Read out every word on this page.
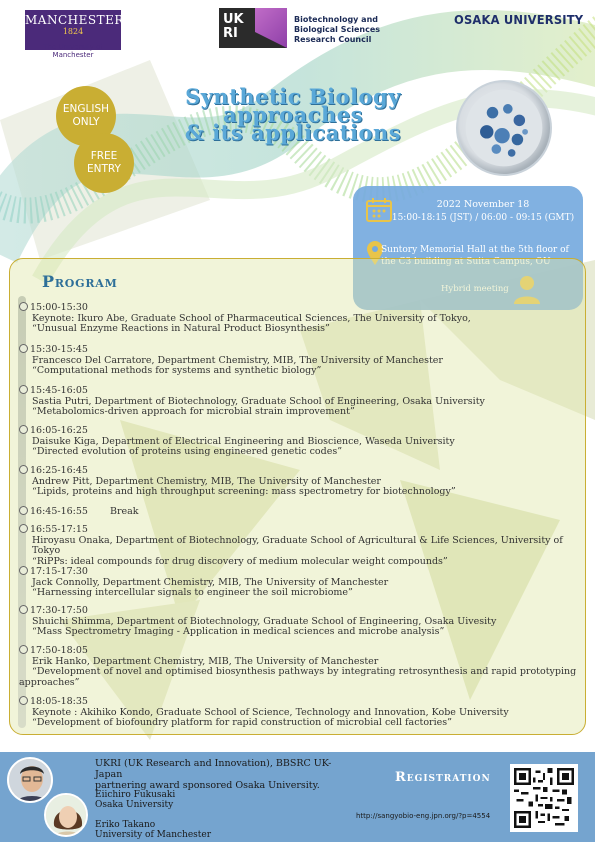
MANCHESTER
1824
The University of Manchester
UK RI
Biotechnology and Biological Sciences Research Council
OSAKA UNIVERSITY
ENGLISH
ONLY
FREE
ENTRY
Synthetic Biology
approaches
& its applications
2022 November 18
15:00-18:15 (JST) / 06:00 - 09:15 (GMT)
Suntory Memorial Hall at the 5th floor of
the C3 building at Suita Campus, OU
Hybrid meeting
Program
15:00-15:30
Keynote: Ikuro Abe, Graduate School of Pharmaceutical Sciences, The University of Tokyo,
“Unusual Enzyme Reactions in Natural Product Biosynthesis”
15:30-15:45
Francesco Del Carratore, Department Chemistry, MIB, The University of Manchester
“Computational methods for systems and synthetic biology”
15:45-16:05
Sastia Putri, Department of Biotechnology, Graduate School of Engineering, Osaka University
“Metabolomics-driven approach for microbial strain improvement”
16:05-16:25
Daisuke Kiga, Department of Electrical Engineering and Bioscience, Waseda University
“Directed evolution of proteins using engineered genetic codes”
16:25-16:45
Andrew Pitt, Department Chemistry, MIB, The University of Manchester
“Lipids, proteins and high throughput screening: mass spectrometry for biotechnology”
16:45-16:55 Break
16:55-17:15
Hiroyasu Onaka, Department of Biotechnology, Graduate School of Agricultural & Life Sciences, University of Tokyo
“RiPPs: ideal compounds for drug discovery of medium molecular weight compounds”
17:15-17:30
Jack Connolly, Department Chemistry, MIB, The University of Manchester
“Harnessing intercellular signals to engineer the soil microbiome”
17:30-17:50
Shuichi Shimma, Department of Biotechnology, Graduate School of Engineering, Osaka Uivesity
“Mass Spectrometry Imaging - Application in medical sciences and microbe analysis”
17:50-18:05
Erik Hanko, Department Chemistry, MIB, The University of Manchester
“Development of novel and optimised biosynthesis pathways by integrating retrosynthesis and rapid prototyping approaches”
18:05-18:35
Keynote : Akihiko Kondo, Graduate School of Science, Technology and Innovation, Kobe University
“Development of biofoundry platform for rapid construction of microbial cell factories”
UKRI (UK Research and Innovation), BBSRC UK-Japan
partnering award sponsored Osaka University.
Eiichiro Fukusaki
Osaka University
Eriko Takano
University of Manchester
Registration
http://sangyobio-eng.jpn.org/?p=4554
